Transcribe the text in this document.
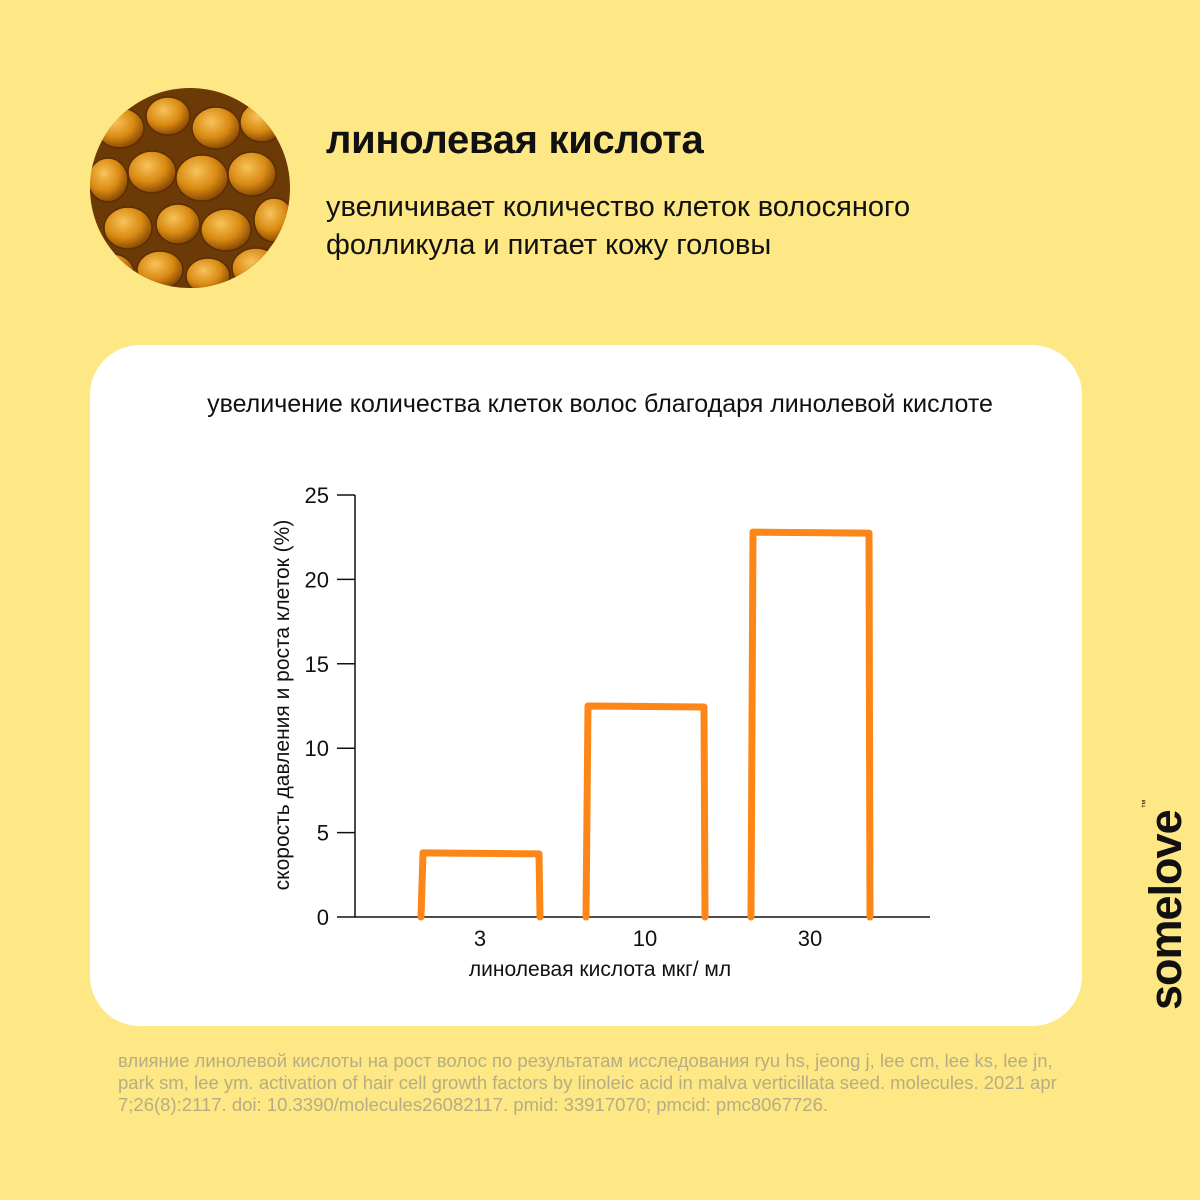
линолевая кислота
увеличивает количество клеток волосяного фолликула и питает кожу головы
увеличение количества клеток волос благодаря линолевой кислоте
0
5
10
15
20
25
3	10	30
линолевая кислота мкг/ мл
скорость давления и роста клеток (%)
влияние линолевой кислоты на рост волос по результатам исследования ryu hs, jeong j, lee cm, lee ks, lee jn, park sm, lee ym. activation of hair cell growth factors by linoleic acid in malva verticillata seed. molecules. 2021 apr 7;26(8):2117. doi: 10.3390/molecules26082117. pmid: 33917070; pmcid: pmc8067726.
somelove™
